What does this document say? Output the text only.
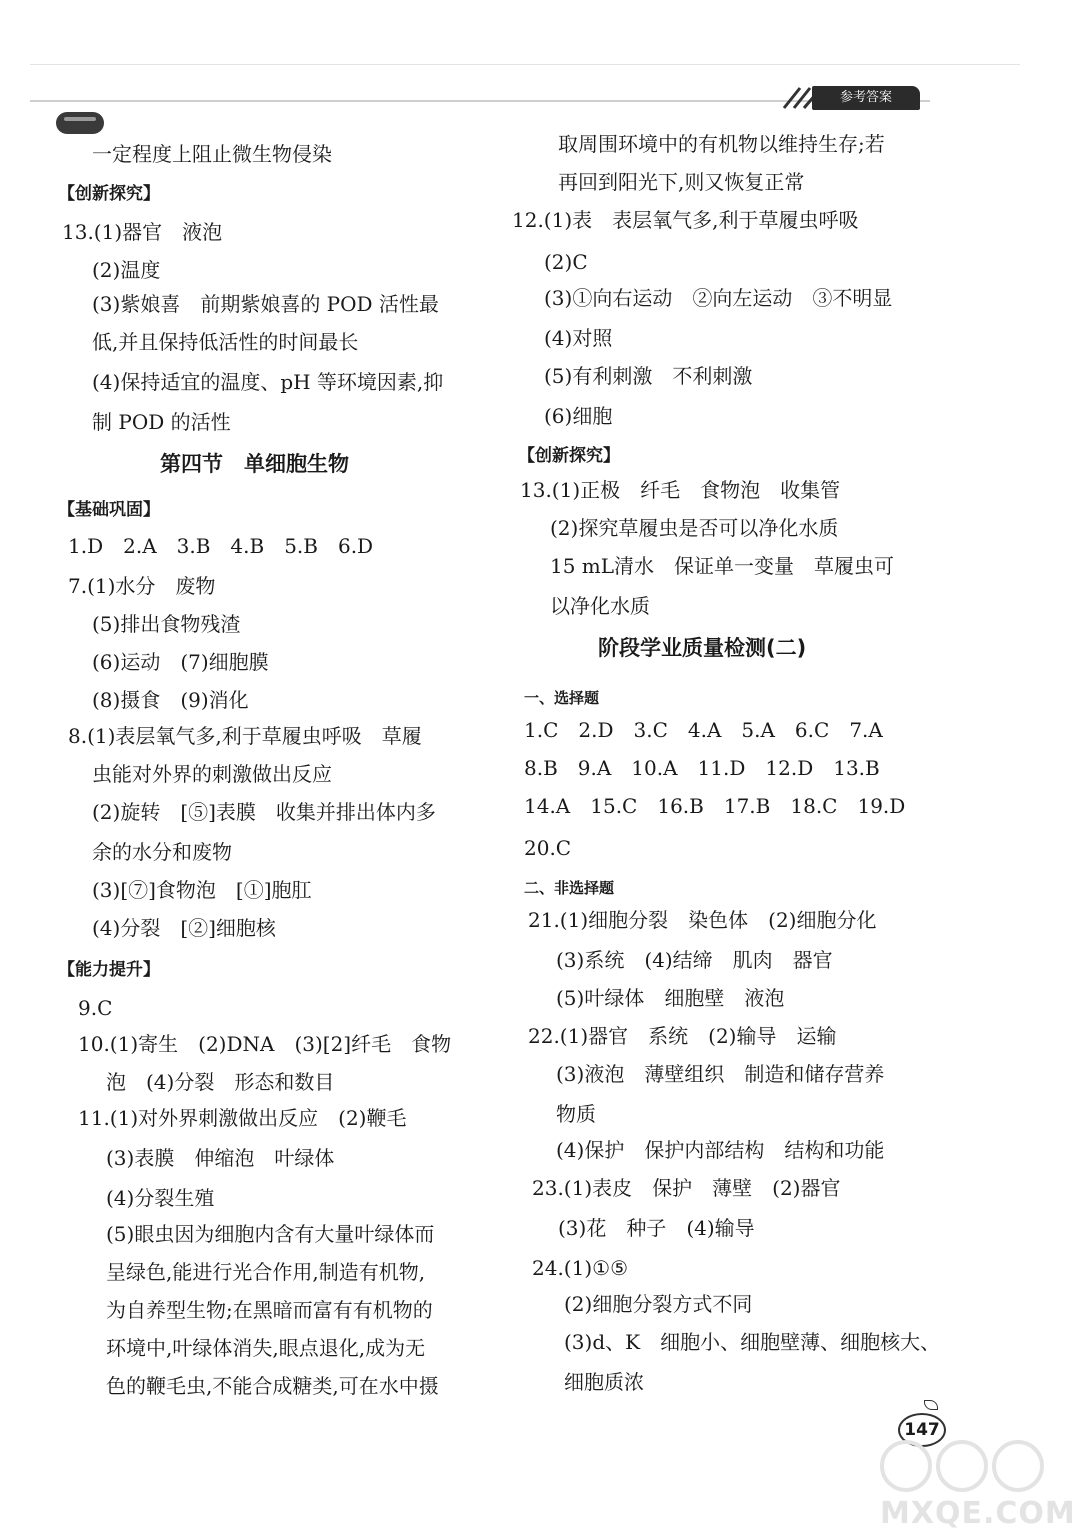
参考答案
一定程度上阻止微生物侵染
【创新探究】
13.(1)器官　液泡
(2)温度
(3)紫娘喜　前期紫娘喜的 POD 活性最
低,并且保持低活性的时间最长
(4)保持适宜的温度、pH 等环境因素,抑
制 POD 的活性
第四节　单细胞生物
【基础巩固】
1.D　2.A　3.B　4.B　5.B　6.D
7.(1)水分　废物
(5)排出食物残渣
(6)运动　(7)细胞膜
(8)摄食　(9)消化
8.(1)表层氧气多,利于草履虫呼吸　草履
虫能对外界的刺激做出反应
(2)旋转　[⑤]表膜　收集并排出体内多
余的水分和废物
(3)[⑦]食物泡　[①]胞肛
(4)分裂　[②]细胞核
【能力提升】
9.C
10.(1)寄生　(2)DNA　(3)[2]纤毛　食物
泡　(4)分裂　形态和数目
11.(1)对外界刺激做出反应　(2)鞭毛
(3)表膜　伸缩泡　叶绿体
(4)分裂生殖
(5)眼虫因为细胞内含有大量叶绿体而
呈绿色,能进行光合作用,制造有机物,
为自养型生物;在黑暗而富有有机物的
环境中,叶绿体消失,眼点退化,成为无
色的鞭毛虫,不能合成糖类,可在水中摄
取周围环境中的有机物以维持生存;若
再回到阳光下,则又恢复正常
12.(1)表　表层氧气多,利于草履虫呼吸
(2)C
(3)①向右运动　②向左运动　③不明显
(4)对照
(5)有利刺激　不利刺激
(6)细胞
【创新探究】
13.(1)正极　纤毛　食物泡　收集管
(2)探究草履虫是否可以净化水质
15 mL清水　保证单一变量　草履虫可
以净化水质
阶段学业质量检测(二)
一、选择题
1.C　2.D　3.C　4.A　5.A　6.C　7.A
8.B　9.A　10.A　11.D　12.D　13.B
14.A　15.C　16.B　17.B　18.C　19.D
20.C
二、非选择题
21.(1)细胞分裂　染色体　(2)细胞分化
(3)系统　(4)结缔　肌肉　器官
(5)叶绿体　细胞壁　液泡
22.(1)器官　系统　(2)输导　运输
(3)液泡　薄壁组织　制造和储存营养
物质
(4)保护　保护内部结构　结构和功能
23.(1)表皮　保护　薄壁　(2)器官
(3)花　种子　(4)输导
24.(1)①⑤
(2)细胞分裂方式不同
(3)d、K　细胞小、细胞壁薄、细胞核大、
细胞质浓
147
MXQE.COM
